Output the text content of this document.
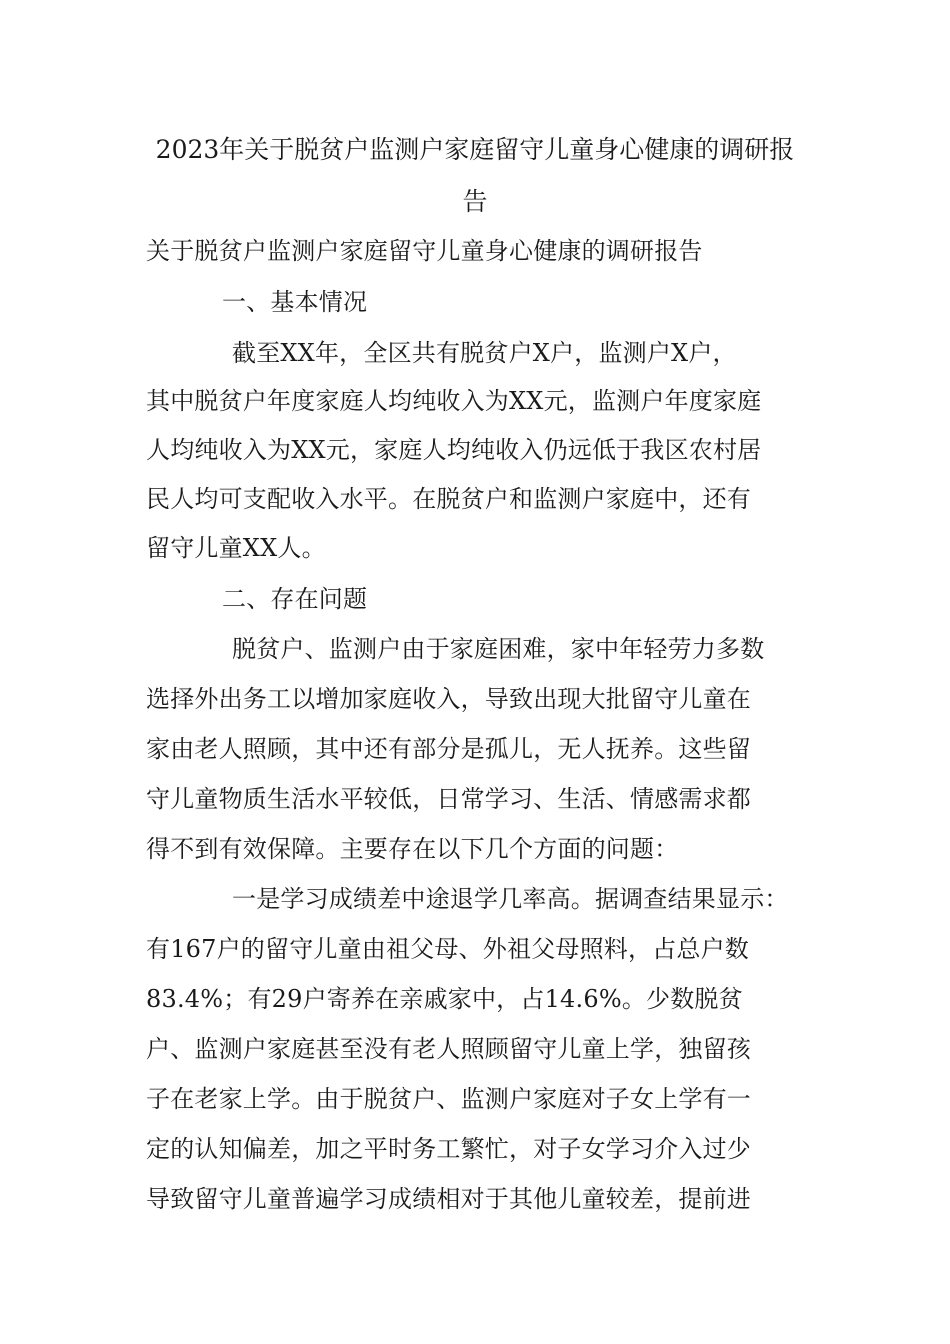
2023年关于脱贫户监测户家庭留守儿童身心健康的调研报
告
关于脱贫户监测户家庭留守儿童身心健康的调研报告
一、基本情况
截至XX年，全区共有脱贫户X户，监测户X户，
其中脱贫户年度家庭人均纯收入为XX元，监测户年度家庭
人均纯收入为XX元，家庭人均纯收入仍远低于我区农村居
民人均可支配收入水平。在脱贫户和监测户家庭中，还有
留守儿童XX人。
二、存在问题
脱贫户、监测户由于家庭困难，家中年轻劳力多数
选择外出务工以增加家庭收入，导致出现大批留守儿童在
家由老人照顾，其中还有部分是孤儿，无人抚养。这些留
守儿童物质生活水平较低，日常学习、生活、情感需求都
得不到有效保障。主要存在以下几个方面的问题：
一是学习成绩差中途退学几率高。据调查结果显示：
有167户的留守儿童由祖父母、外祖父母照料，占总户数
83.4%；有29户寄养在亲戚家中，占14.6%。少数脱贫
户、监测户家庭甚至没有老人照顾留守儿童上学，独留孩
子在老家上学。由于脱贫户、监测户家庭对子女上学有一
定的认知偏差，加之平时务工繁忙，对子女学习介入过少
导致留守儿童普遍学习成绩相对于其他儿童较差，提前进
